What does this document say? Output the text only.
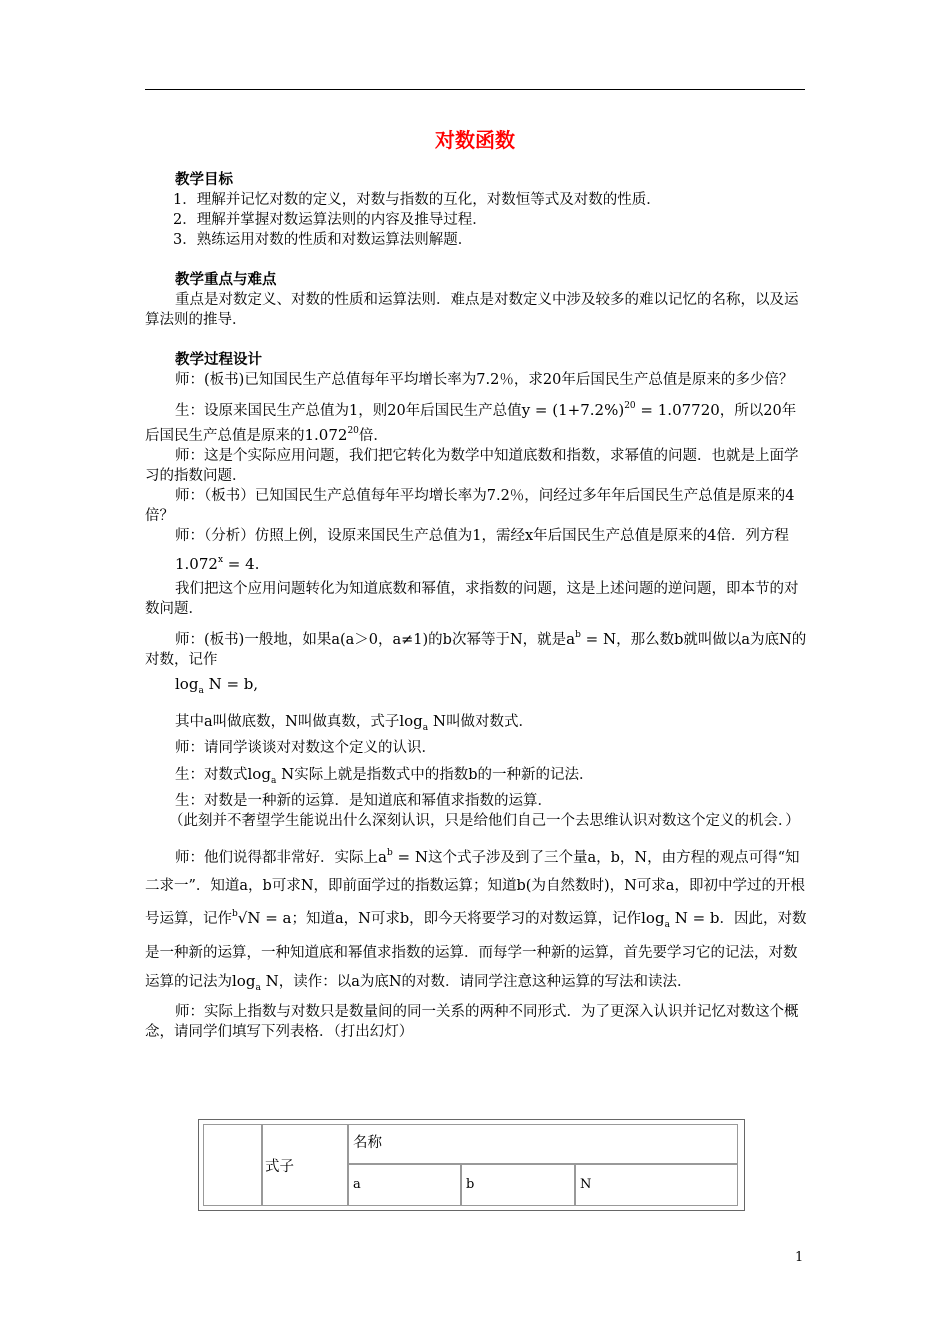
对数函数

教学目标

1．理解并记忆对数的定义，对数与指数的互化，对数恒等式及对数的性质．

2．理解并掌握对数运算法则的内容及推导过程．

3．熟练运用对数的性质和对数运算法则解题．

教学重点与难点

重点是对数定义、对数的性质和运算法则．难点是对数定义中涉及较多的难以记忆的名称，以及运算法则的推导．

教学过程设计

师：(板书)已知国民生产总值每年平均增长率为7.2％，求20年后国民生产总值是原来的多少倍？

生：设原来国民生产总值为1，则20年后国民生产总值$y = (1+7.2\%)^{20} = 1.07720$，所以20年后国民生产总值是原来的1.072$^{20}$倍．

师：这是个实际应用问题，我们把它转化为数学中知道底数和指数，求幂值的问题．也就是上面学习的指数问题．

师：（板书）已知国民生产总值每年平均增长率为7.2％，问经过多年年后国民生产总值是原来的4倍？

师：（分析）仿照上例，设原来国民生产总值为1，需经x年后国民生产总值是原来的4倍．列方程

$1.072^x = 4$.

我们把这个应用问题转化为知道底数和幂值，求指数的问题，这是上述问题的逆问题，即本节的对数问题．

师：(板书)一般地，如果a(a＞0，a≠1)的b次幂等于N，就是$a^b = N$，那么数b就叫做以a为底N的对数，记作

$\log_a N = b$,

其中a叫做底数，N叫做真数，式子$\log_a N$叫做对数式．

师：请同学谈谈对对数这个定义的认识．

生：对数式$\log_a N$实际上就是指数式中的指数b的一种新的记法．

生：对数是一种新的运算．是知道底和幂值求指数的运算．

（此刻并不奢望学生能说出什么深刻认识，只是给他们自己一个去思维认识对数这个定义的机会．）

师：他们说得都非常好．实际上$a^b = N$这个式子涉及到了三个量a，b，N，由方程的观点可得“知二求一”．知道a，b可求N，即前面学过的指数运算；知道b(为自然数时)，N可求a，即初中学过的开根号运算，记作$^b$√N = a；知道a，N可求b，即今天将要学习的对数运算，记作$\log_a N = b$．因此，对数是一种新的运算，一种知道底和幂值求指数的运算．而每学一种新的运算，首先要学习它的记法，对数运算的记法为$\log_a N$，读作：以a为底N的对数．请同学注意这种运算的写法和读法．

师：实际上指数与对数只是数量间的同一关系的两种不同形式．为了更深入认识并记忆对数这个概念，请同学们填写下列表格．（打出幻灯）

式子
名称
a	b	N
1
